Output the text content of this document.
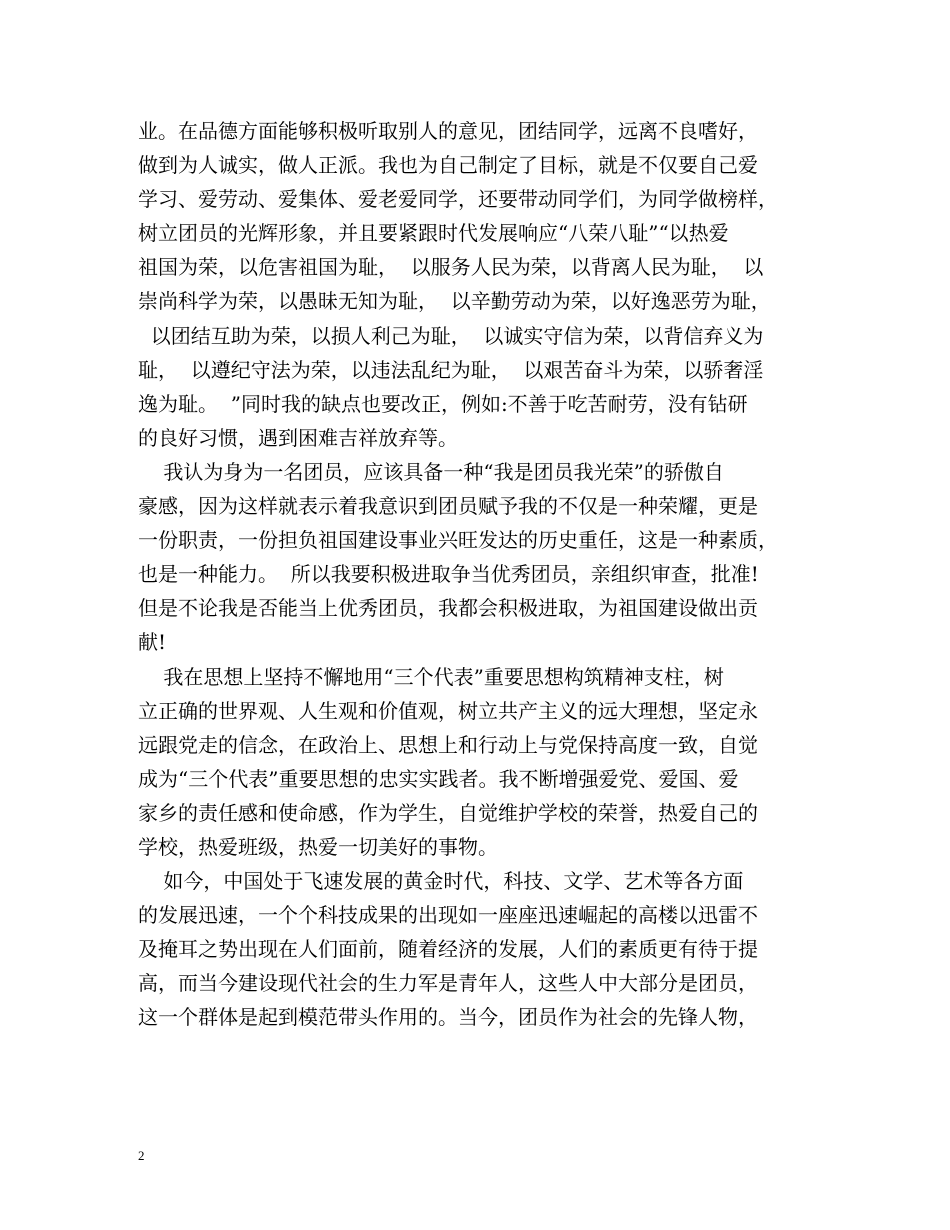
业。在品德方面能够积极听取别人的意见，团结同学，远离不良嗜好，
做到为人诚实，做人正派。我也为自己制定了目标，就是不仅要自己爱
学习、爱劳动、爱集体、爱老爱同学，还要带动同学们，为同学做榜样，
树立团员的光辉形象，并且要紧跟时代发展响应“八荣八耻”“以热爱
祖国为荣，以危害祖国为耻，  以服务人民为荣，以背离人民为耻，  以
崇尚科学为荣，以愚昧无知为耻，  以辛勤劳动为荣，以好逸恶劳为耻，
以团结互助为荣，以损人利己为耻，  以诚实守信为荣，以背信弃义为
耻，  以遵纪守法为荣，以违法乱纪为耻，  以艰苦奋斗为荣，以骄奢淫
逸为耻。  ”同时我的缺点也要改正，例如:不善于吃苦耐劳，没有钻研
的良好习惯，遇到困难吉祥放弃等。
我认为身为一名团员，应该具备一种“我是团员我光荣”的骄傲自
豪感，因为这样就表示着我意识到团员赋予我的不仅是一种荣耀，更是
一份职责，一份担负祖国建设事业兴旺发达的历史重任，这是一种素质，
也是一种能力。  所以我要积极进取争当优秀团员，亲组织审查，批准!
但是不论我是否能当上优秀团员，我都会积极进取，为祖国建设做出贡
献!
我在思想上坚持不懈地用“三个代表”重要思想构筑精神支柱，树
立正确的世界观、人生观和价值观，树立共产主义的远大理想，坚定永
远跟党走的信念，在政治上、思想上和行动上与党保持高度一致，自觉
成为“三个代表”重要思想的忠实实践者。我不断增强爱党、爱国、爱
家乡的责任感和使命感，作为学生，自觉维护学校的荣誉，热爱自己的
学校，热爱班级，热爱一切美好的事物。
如今，中国处于飞速发展的黄金时代，科技、文学、艺术等各方面
的发展迅速，一个个科技成果的出现如一座座迅速崛起的高楼以迅雷不
及掩耳之势出现在人们面前，随着经济的发展，人们的素质更有待于提
高，而当今建设现代社会的生力军是青年人，这些人中大部分是团员，
这一个群体是起到模范带头作用的。当今，团员作为社会的先锋人物，
2
